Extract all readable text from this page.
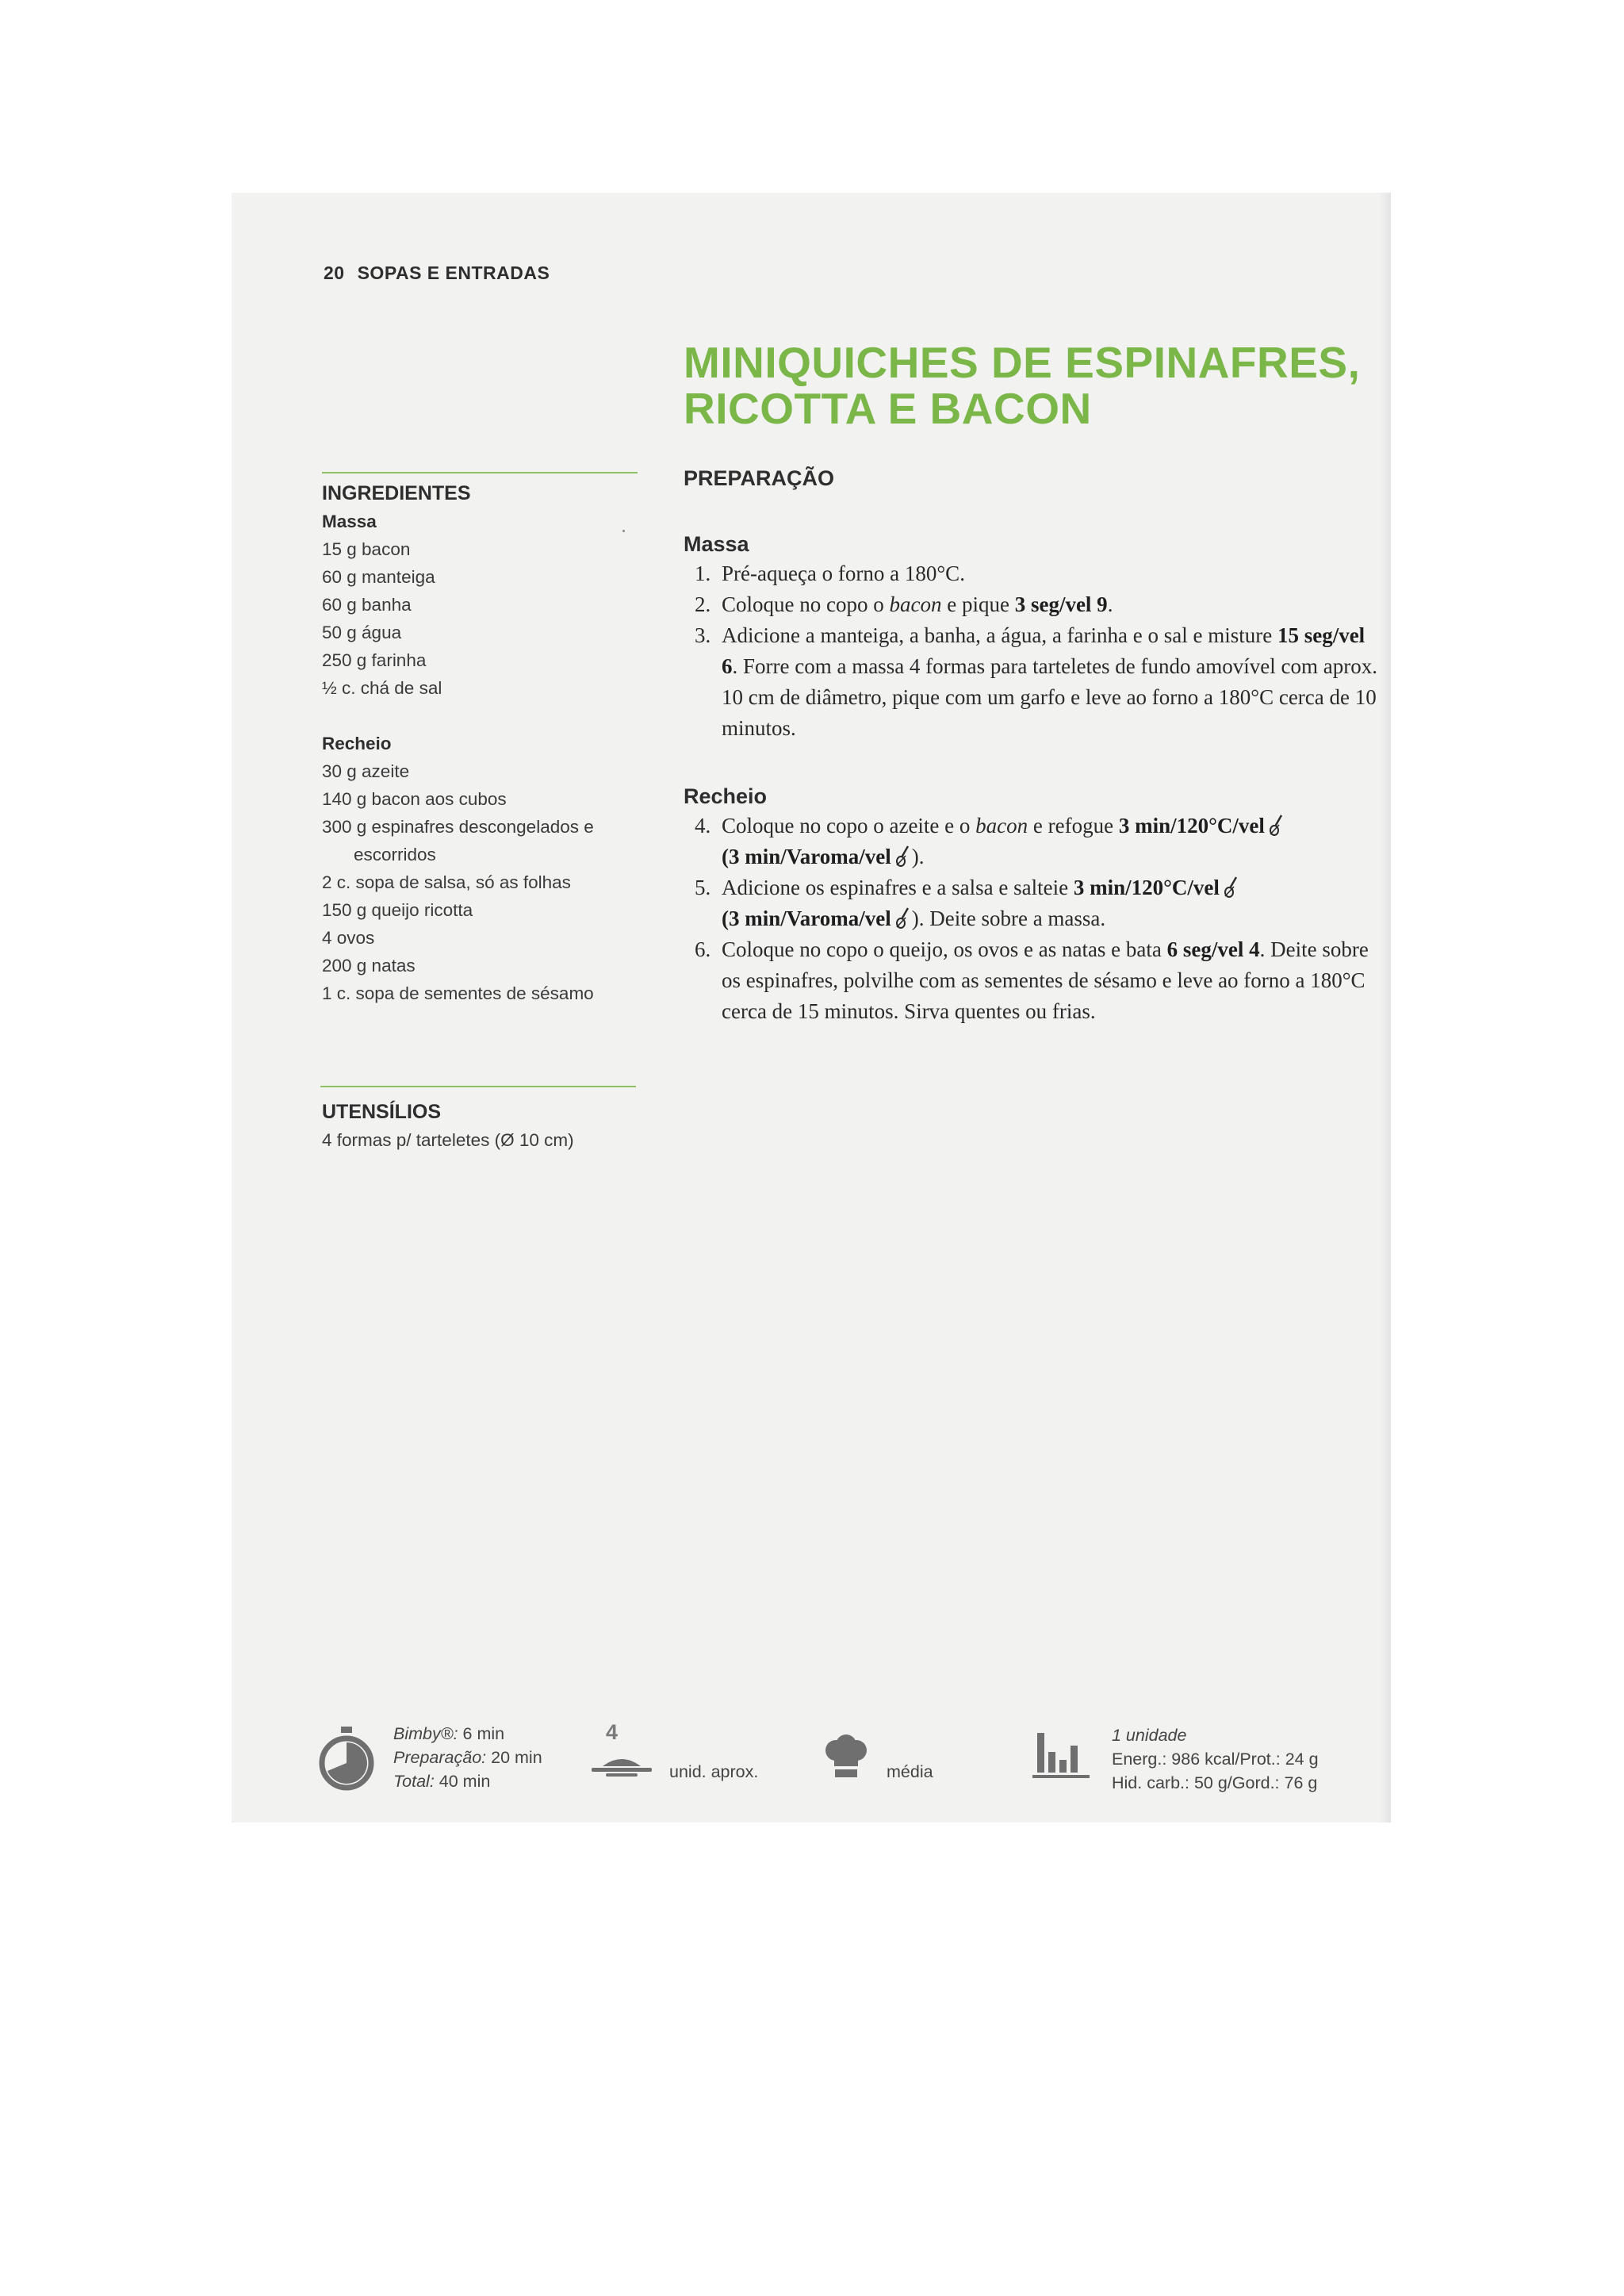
20 SOPAS E ENTRADAS
MINIQUICHES DE ESPINAFRES,
RICOTTA E BACON
INGREDIENTES
Massa
15 g bacon
60 g manteiga
60 g banha
50 g água
250 g farinha
½ c. chá de sal
Recheio
30 g azeite
140 g bacon aos cubos
300 g espinafres descongelados e escorridos
2 c. sopa de salsa, só as folhas
150 g queijo ricotta
4 ovos
200 g natas
1 c. sopa de sementes de sésamo
UTENSÍLIOS
4 formas p/ tarteletes (Ø 10 cm)
PREPARAÇÃO
Massa
1. Pré-aqueça o forno a 180°C.
2. Coloque no copo o bacon e pique 3 seg/vel 9.
3. Adicione a manteiga, a banha, a água, a farinha e o sal e misture 15 seg/vel 6. Forre com a massa 4 formas para tarteletes de fundo amovível com aprox. 10 cm de diâmetro, pique com um garfo e leve ao forno a 180°C cerca de 10 minutos.
Recheio
4. Coloque no copo o azeite e o bacon e refogue 3 min/120°C/vel
(3 min/Varoma/vel ).
5. Adicione os espinafres e a salsa e salteie 3 min/120°C/vel
(3 min/Varoma/vel ). Deite sobre a massa.
6. Coloque no copo o queijo, os ovos e as natas e bata 6 seg/vel 4. Deite sobre os espinafres, polvilhe com as sementes de sésamo e leve ao forno a 180°C cerca de 15 minutos. Sirva quentes ou frias.
Bimby®: 6 min
Preparação: 20 min
Total: 40 min
4
unid. aprox.	média
1 unidade
Energ.: 986 kcal/Prot.: 24 g
Hid. carb.: 50 g/Gord.: 76 g
